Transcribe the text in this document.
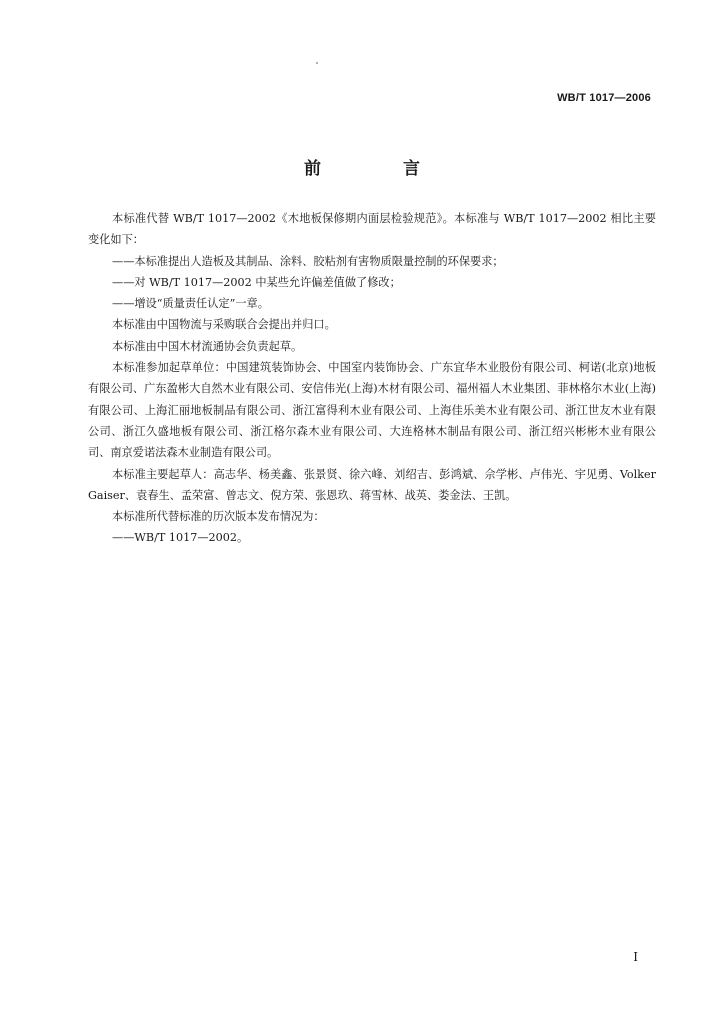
WB/T 1017—2006
前 言

本标准代替 WB/T 1017—2002《木地板保修期内面层检验规范》。本标准与 WB/T 1017—2002 相比主要变化如下：

——本标准提出人造板及其制品、涂料、胶粘剂有害物质限量控制的环保要求；

——对 WB/T 1017—2002 中某些允许偏差值做了修改；

——增设“质量责任认定”一章。

本标准由中国物流与采购联合会提出并归口。

本标准由中国木材流通协会负责起草。

本标准参加起草单位：中国建筑装饰协会、中国室内装饰协会、广东宜华木业股份有限公司、柯诺(北京)地板有限公司、广东盈彬大自然木业有限公司、安信伟光(上海)木材有限公司、福州福人木业集团、菲林格尔木业(上海)有限公司、上海汇丽地板制品有限公司、浙江富得利木业有限公司、上海佳乐美木业有限公司、浙江世友木业有限公司、浙江久盛地板有限公司、浙江格尔森木业有限公司、大连格林木制品有限公司、浙江绍兴彬彬木业有限公司、南京爱诺法森木业制造有限公司。

本标准主要起草人：高志华、杨美鑫、张景贤、徐六峰、刘绍吉、彭鸿斌、佘学彬、卢伟光、宇见勇、Volker Gaiser、袁春生、孟荣富、曾志文、倪方荣、张恩玖、蒋雪林、战英、娄金法、王凯。

本标准所代替标准的历次版本发布情况为：

——WB/T 1017—2002。

I
